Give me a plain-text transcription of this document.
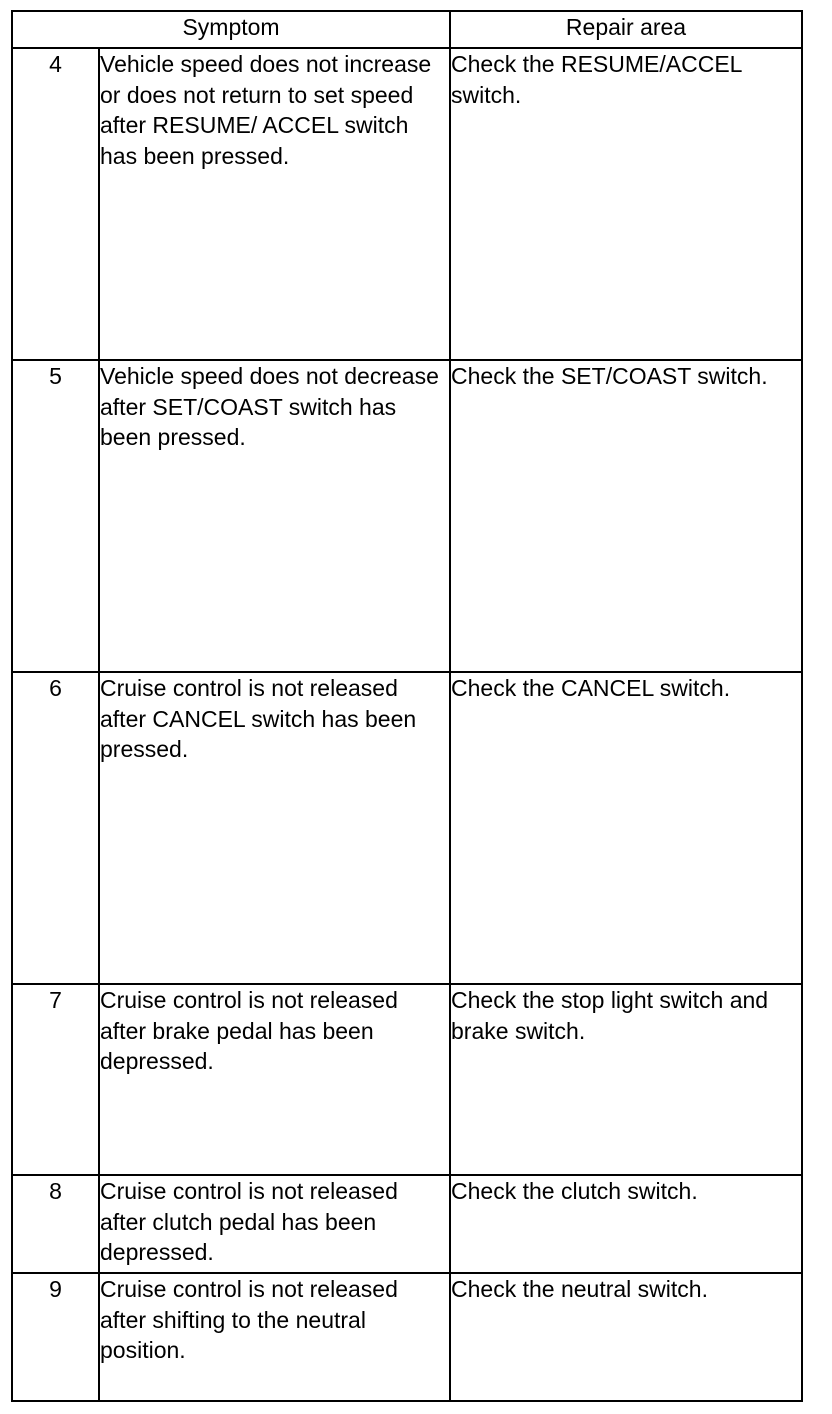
Symptom		Repair area
4	Vehicle speed does not increase or does not return to set speed after RESUME/ ACCEL switch has been pressed.	Check the RESUME/ACCEL switch.
5	Vehicle speed does not decrease after SET/COAST switch has been pressed.	Check the SET/COAST switch.
6	Cruise control is not released after CANCEL switch has been pressed.	Check the CANCEL switch.
7	Cruise control is not released after brake pedal has been depressed.	Check the stop light switch and brake switch.
8	Cruise control is not released after clutch pedal has been depressed.	Check the clutch switch.
9	Cruise control is not released after shifting to the neutral position.	Check the neutral switch.
